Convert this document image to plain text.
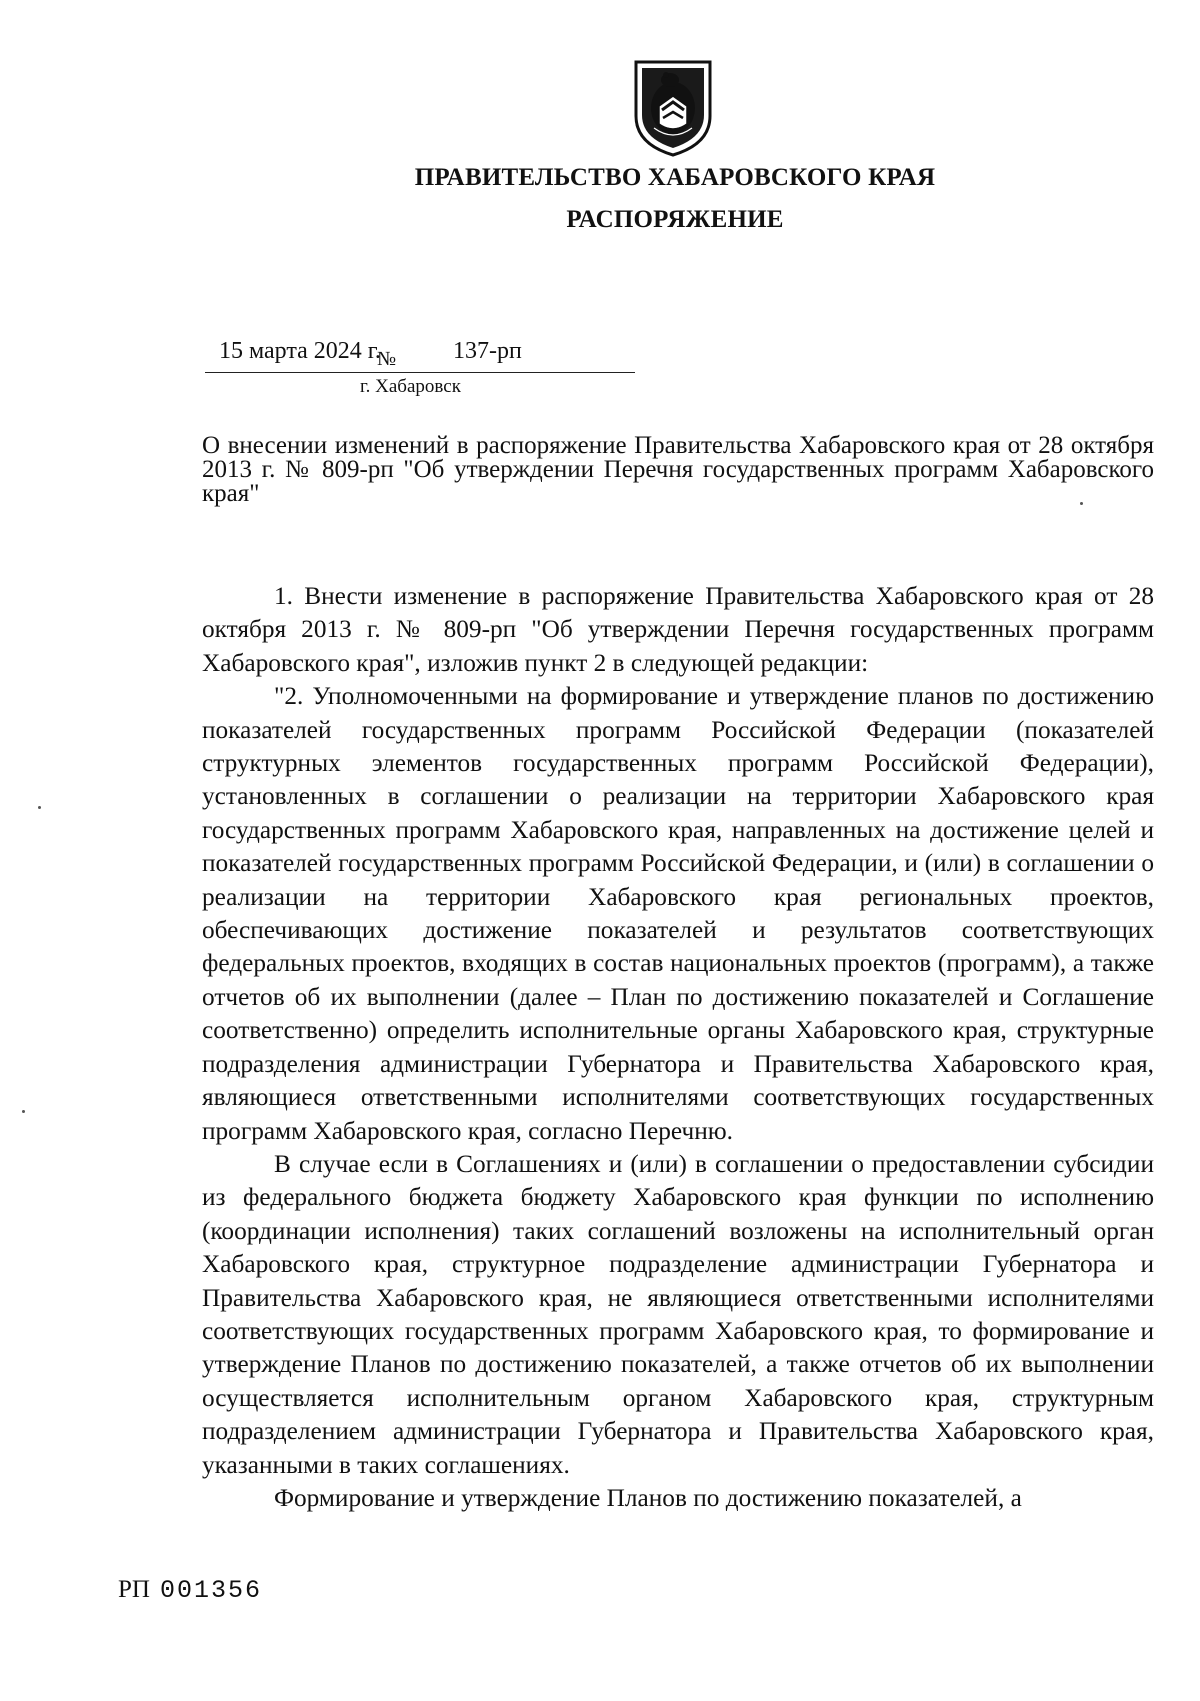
ПРАВИТЕЛЬСТВО ХАБАРОВСКОГО КРАЯ
РАСПОРЯЖЕНИЕ
15 марта 2024 г.
№ 137-рп
г. Хабаровск
О внесении изменений в распоряжение Правительства Хабаровского края от 28 октября 2013 г. № 809-рп "Об утверждении Перечня государственных программ Хабаровского края"

1. Внести изменение в распоряжение Правительства Хабаровского края от 28 октября 2013 г. № 809-рп "Об утверждении Перечня государственных программ Хабаровского края", изложив пункт 2 в следующей редакции:

"2. Уполномоченными на формирование и утверждение планов по достижению показателей государственных программ Российской Федерации (показателей структурных элементов государственных программ Российской Федерации), установленных в соглашении о реализации на территории Хабаровского края государственных программ Хабаровского края, направленных на достижение целей и показателей государственных программ Российской Федерации, и (или) в соглашении о реализации на территории Хабаровского края региональных проектов, обеспечивающих достижение показателей и результатов соответствующих федеральных проектов, входящих в состав национальных проектов (программ), а также отчетов об их выполнении (далее – План по достижению показателей и Соглашение соответственно) определить исполнительные органы Хабаровского края, структурные подразделения администрации Губернатора и Правительства Хабаровского края, являющиеся ответственными исполнителями соответствующих государственных программ Хабаровского края, согласно Перечню.

В случае если в Соглашениях и (или) в соглашении о предоставлении субсидии из федерального бюджета бюджету Хабаровского края функции по исполнению (координации исполнения) таких соглашений возложены на исполнительный орган Хабаровского края, структурное подразделение администрации Губернатора и Правительства Хабаровского края, не являющиеся ответственными исполнителями соответствующих государственных программ Хабаровского края, то формирование и утверждение Планов по достижению показателей, а также отчетов об их выполнении осуществляется исполнительным органом Хабаровского края, структурным подразделением администрации Губернатора и Правительства Хабаровского края, указанными в таких соглашениях.

Формирование и утверждение Планов по достижению показателей, а

РП 001356
